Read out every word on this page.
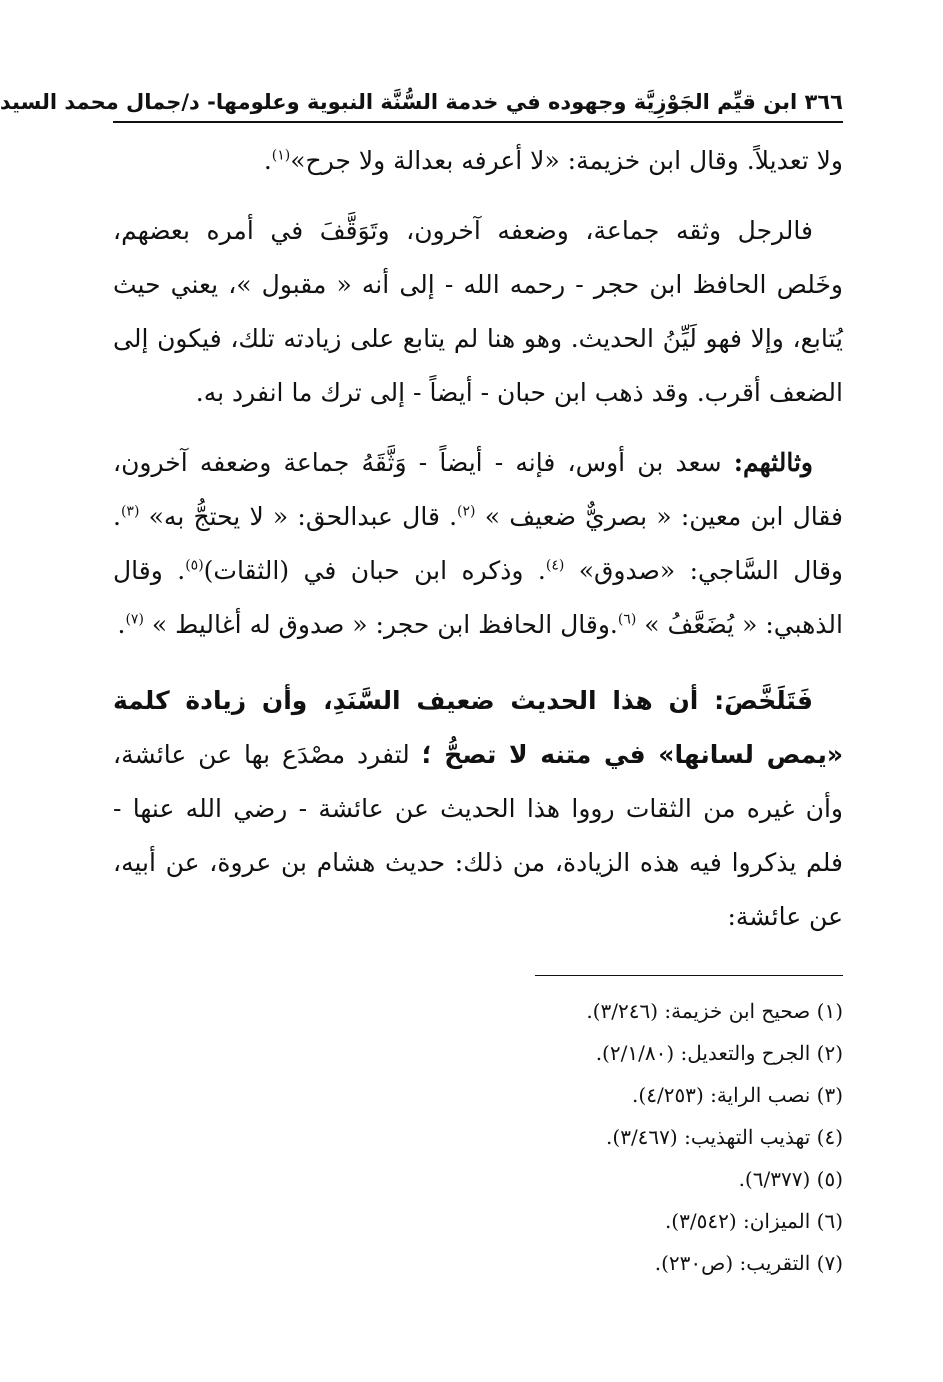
٣٦٦ ابن قيِّم الجَوْزِيَّة وجهوده في خدمة السُّنَّة النبوية وعلومها- د/جمال محمد السيد

ولا تعديلاً. وقال ابن خزيمة: «لا أعرفه بعدالة ولا جرح»$^{(١)}$.

فالرجل وثقه جماعة، وضعفه آخرون، وتَوَقَّفَ في أمره بعضهم، وخَلص الحافظ ابن حجر - رحمه الله - إلى أنه « مقبول »، يعني حيث يُتابع، وإلا فهو لَيِّنُ الحديث. وهو هنا لم يتابع على زيادته تلك، فيكون إلى الضعف أقرب. وقد ذهب ابن حبان - أيضاً - إلى ترك ما انفرد به.

وثالثهم: سعد بن أوس، فإنه - أيضاً - وَثَّقَهُ جماعة وضعفه آخرون، فقال ابن معين: « بصريٌّ ضعيف » $^{(٢)}$. قال عبدالحق: « لا يحتجُّ به» $^{(٣)}$. وقال السَّاجي: «صدوق» $^{(٤)}$. وذكره ابن حبان في (الثقات)$^{(٥)}$. وقال الذهبي: « يُضَعَّفُ » $^{(٦)}$.وقال الحافظ ابن حجر: « صدوق له أغاليط » $^{(٧)}$.

فَتَلَخَّصَ: أن هذا الحديث ضعيف السَّنَدِ، وأن زيادة كلمة «يمص لسانها» في متنه لا تصحُّ ؛ لتفرد مصْدَع بها عن عائشة، وأن غيره من الثقات رووا هذا الحديث عن عائشة - رضي الله عنها - فلم يذكروا فيه هذه الزيادة، من ذلك: حديث هشام بن عروة، عن أبيه، عن عائشة:

(١) صحيح ابن خزيمة: (٣/٢٤٦).
(٢) الجرح والتعديل: (٢/١/٨٠).
(٣) نصب الراية: (٤/٢٥٣).
(٤) تهذيب التهذيب: (٣/٤٦٧).
(٥) (٦/٣٧٧).
(٦) الميزان: (٣/٥٤٢).
(٧) التقريب: (ص٢٣٠).
